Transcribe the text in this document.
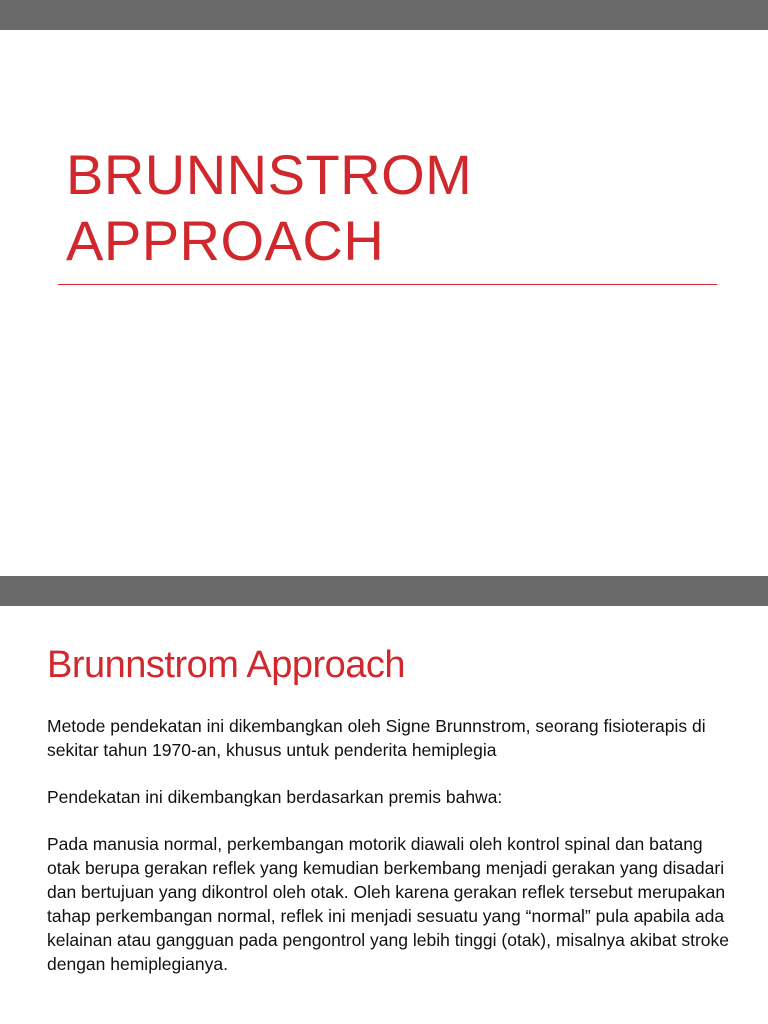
BRUNNSTROM
APPROACH
Brunnstrom Approach

Metode pendekatan ini dikembangkan oleh Signe Brunnstrom, seorang fisioterapis di sekitar tahun 1970-an, khusus untuk penderita hemiplegia

Pendekatan ini dikembangkan berdasarkan premis bahwa:

Pada manusia normal, perkembangan motorik diawali oleh kontrol spinal dan batang otak berupa gerakan reflek yang kemudian berkembang menjadi gerakan yang disadari dan bertujuan yang dikontrol oleh otak. Oleh karena gerakan reflek tersebut merupakan tahap perkembangan normal, reflek ini menjadi sesuatu yang “normal” pula apabila ada kelainan atau gangguan pada pengontrol yang lebih tinggi (otak), misalnya akibat stroke dengan hemiplegianya.
